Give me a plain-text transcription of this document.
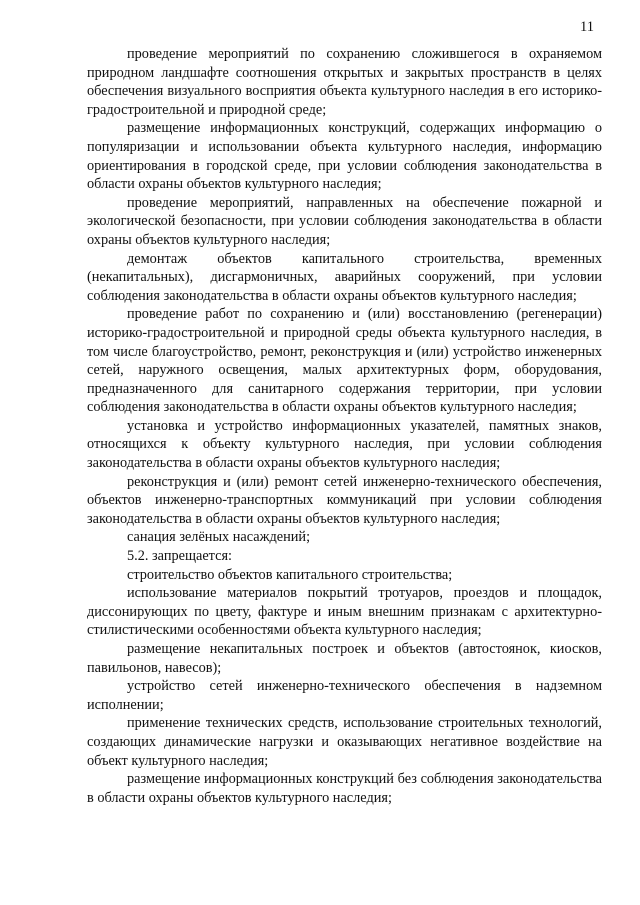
11

проведение мероприятий по сохранению сложившегося в охраняемом природном ландшафте соотношения открытых и закрытых пространств в целях обеспечения визуального восприятия объекта культурного наследия в его историко-градостроительной и природной среде;

размещение информационных конструкций, содержащих информацию о популяризации и использовании объекта культурного наследия, информацию ориентирования в городской среде, при условии соблюдения законодательства в области охраны объектов культурного наследия;

проведение мероприятий, направленных на обеспечение пожарной и экологической безопасности, при условии соблюдения законодательства в области охраны объектов культурного наследия;

демонтаж объектов капитального строительства, временных (некапитальных), дисгармоничных, аварийных сооружений, при условии соблюдения законодательства в области охраны объектов культурного наследия;

проведение работ по сохранению и (или) восстановлению (регенерации) историко-градостроительной и природной среды объекта культурного наследия, в том числе благоустройство, ремонт, реконструкция и (или) устройство инженерных сетей, наружного освещения, малых архитектурных форм, оборудования, предназначенного для санитарного содержания территории, при условии соблюдения законодательства в области охраны объектов культурного наследия;

установка и устройство информационных указателей, памятных знаков, относящихся к объекту культурного наследия, при условии соблюдения законодательства в области охраны объектов культурного наследия;

реконструкция и (или) ремонт сетей инженерно-технического обеспечения, объектов инженерно-транспортных коммуникаций при условии соблюдения законодательства в области охраны объектов культурного наследия;

санация зелёных насаждений;

5.2. запрещается:

строительство объектов капитального строительства;

использование материалов покрытий тротуаров, проездов и площадок, диссонирующих по цвету, фактуре и иным внешним признакам с архитектурно-стилистическими особенностями объекта культурного наследия;

размещение некапитальных построек и объектов (автостоянок, киосков, павильонов, навесов);

устройство сетей инженерно-технического обеспечения в надземном исполнении;

применение технических средств, использование строительных технологий, создающих динамические нагрузки и оказывающих негативное воздействие на объект культурного наследия;

размещение информационных конструкций без соблюдения законодательства в области охраны объектов культурного наследия;
